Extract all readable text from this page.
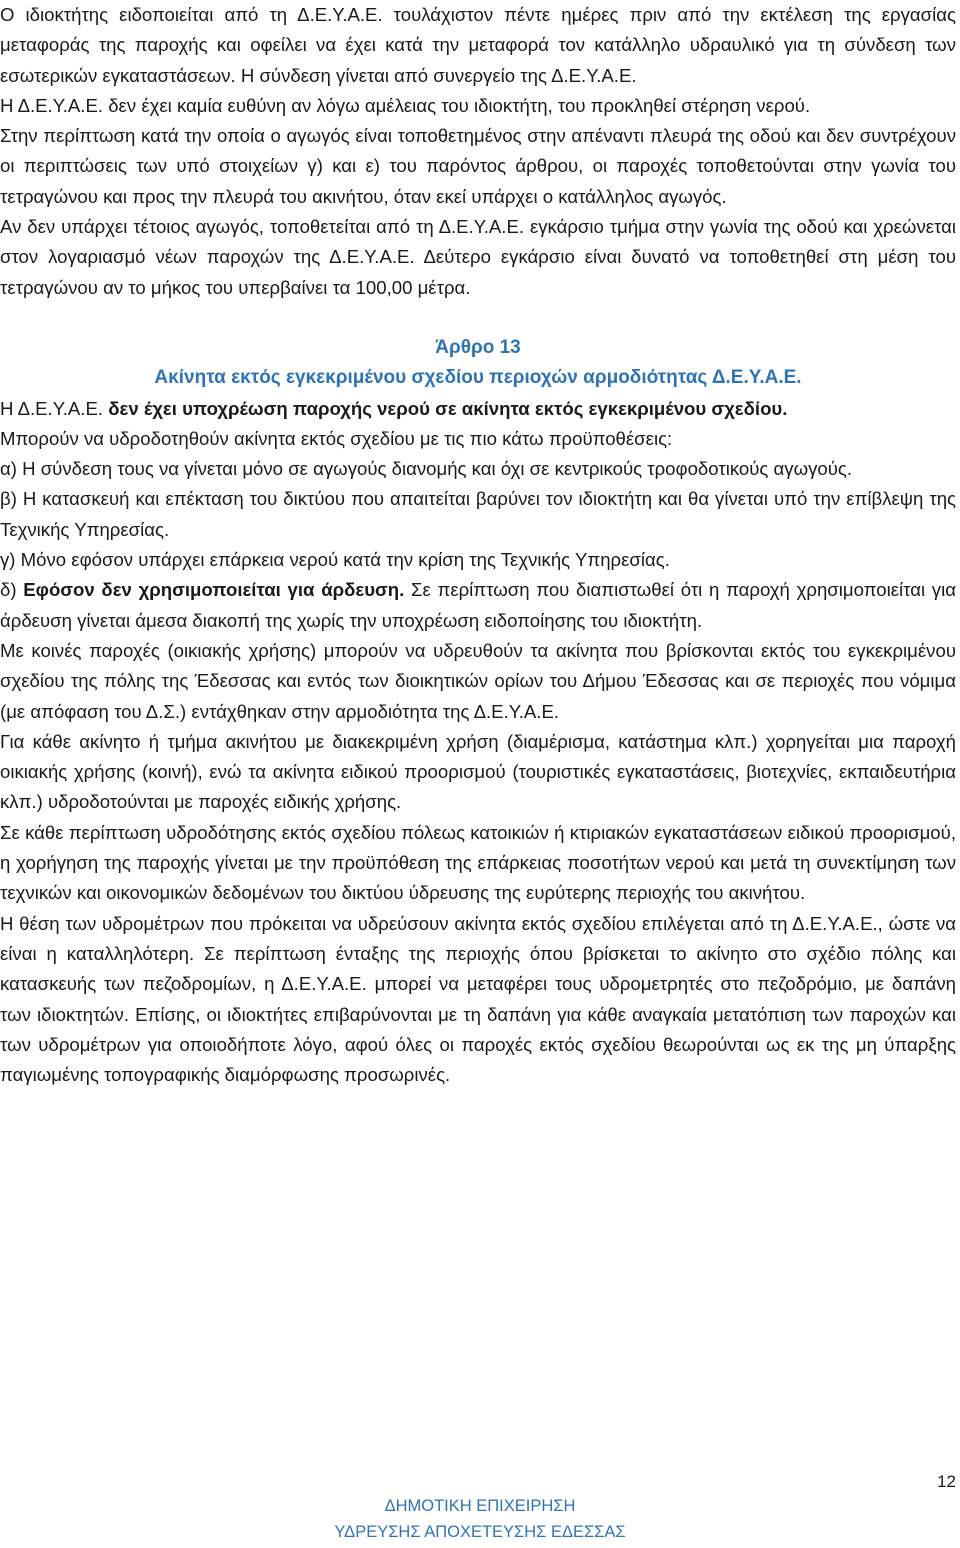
Ο ιδιοκτήτης ειδοποιείται από τη Δ.Ε.Υ.Α.Ε. τουλάχιστον πέντε ημέρες πριν από την εκτέλεση της εργασίας μεταφοράς της παροχής και οφείλει να έχει κατά την μεταφορά τον κατάλληλο υδραυλικό για τη σύνδεση των εσωτερικών εγκαταστάσεων. Η σύνδεση γίνεται από συνεργείο της Δ.Ε.Υ.Α.Ε.

Η Δ.Ε.Υ.Α.Ε. δεν έχει καμία ευθύνη αν λόγω αμέλειας του ιδιοκτήτη, του προκληθεί στέρηση νερού.

Στην περίπτωση κατά την οποία ο αγωγός είναι τοποθετημένος στην απέναντι πλευρά της οδού και δεν συντρέχουν οι περιπτώσεις των υπό στοιχείων γ) και ε) του παρόντος άρθρου, οι παροχές τοποθετούνται στην γωνία του τετραγώνου και προς την πλευρά του ακινήτου, όταν εκεί υπάρχει ο κατάλληλος αγωγός.

Αν δεν υπάρχει τέτοιος αγωγός, τοποθετείται από τη Δ.Ε.Υ.Α.Ε. εγκάρσιο τμήμα στην γωνία της οδού και χρεώνεται στον λογαριασμό νέων παροχών της Δ.Ε.Υ.Α.Ε. Δεύτερο εγκάρσιο είναι δυνατό να τοποθετηθεί στη μέση του τετραγώνου αν το μήκος του υπερβαίνει τα 100,00 μέτρα.

Άρθρο 13

Ακίνητα εκτός εγκεκριμένου σχεδίου περιοχών αρμοδιότητας Δ.Ε.Υ.Α.Ε.

Η Δ.Ε.Υ.Α.Ε. δεν έχει υποχρέωση παροχής νερού σε ακίνητα εκτός εγκεκριμένου σχεδίου.

Μπορούν να υδροδοτηθούν ακίνητα εκτός σχεδίου με τις πιο κάτω προϋποθέσεις:

α) Η σύνδεση τους να γίνεται μόνο σε αγωγούς διανομής και όχι σε κεντρικούς τροφοδοτικούς αγωγούς.

β) Η κατασκευή και επέκταση του δικτύου που απαιτείται βαρύνει τον ιδιοκτήτη και θα γίνεται υπό την επίβλεψη της Τεχνικής Υπηρεσίας.

γ) Μόνο εφόσον υπάρχει επάρκεια νερού κατά την κρίση της Τεχνικής Υπηρεσίας.

δ) Εφόσον δεν χρησιμοποιείται για άρδευση. Σε περίπτωση που διαπιστωθεί ότι η παροχή χρησιμοποιείται για άρδευση γίνεται άμεσα διακοπή της χωρίς την υποχρέωση ειδοποίησης του ιδιοκτήτη.

Με κοινές παροχές (οικιακής χρήσης) μπορούν να υδρευθούν τα ακίνητα που βρίσκονται εκτός του εγκεκριμένου σχεδίου της πόλης της Έδεσσας και εντός των διοικητικών ορίων του Δήμου Έδεσσας και σε περιοχές που νόμιμα (με απόφαση του Δ.Σ.) εντάχθηκαν στην αρμοδιότητα της Δ.Ε.Υ.Α.Ε.

Για κάθε ακίνητο ή τμήμα ακινήτου με διακεκριμένη χρήση (διαμέρισμα, κατάστημα κλπ.) χορηγείται μια παροχή οικιακής χρήσης (κοινή), ενώ τα ακίνητα ειδικού προορισμού (τουριστικές εγκαταστάσεις, βιοτεχνίες, εκπαιδευτήρια κλπ.) υδροδοτούνται με παροχές ειδικής χρήσης.

Σε κάθε περίπτωση υδροδότησης εκτός σχεδίου πόλεως κατοικιών ή κτιριακών εγκαταστάσεων ειδικού προορισμού, η χορήγηση της παροχής γίνεται με την προϋπόθεση της επάρκειας ποσοτήτων νερού και μετά τη συνεκτίμηση των τεχνικών και οικονομικών δεδομένων του δικτύου ύδρευσης της ευρύτερης περιοχής του ακινήτου.

Η θέση των υδρομέτρων που πρόκειται να υδρεύσουν ακίνητα εκτός σχεδίου επιλέγεται από τη Δ.Ε.Υ.Α.Ε., ώστε να είναι η καταλληλότερη. Σε περίπτωση ένταξης της περιοχής όπου βρίσκεται το ακίνητο στο σχέδιο πόλης και κατασκευής των πεζοδρομίων, η Δ.Ε.Υ.Α.Ε. μπορεί να μεταφέρει τους υδρομετρητές στο πεζοδρόμιο, με δαπάνη των ιδιοκτητών. Επίσης, οι ιδιοκτήτες επιβαρύνονται με τη δαπάνη για κάθε αναγκαία μετατόπιση των παροχών και των υδρομέτρων για οποιοδήποτε λόγο, αφού όλες οι παροχές εκτός σχεδίου θεωρούνται ως εκ της μη ύπαρξης παγιωμένης τοπογραφικής διαμόρφωσης προσωρινές.

12
ΔΗΜΟΤΙΚΗ ΕΠΙΧΕΙΡΗΣΗ
ΥΔΡΕΥΣΗΣ ΑΠΟΧΕΤΕΥΣΗΣ ΕΔΕΣΣΑΣ
